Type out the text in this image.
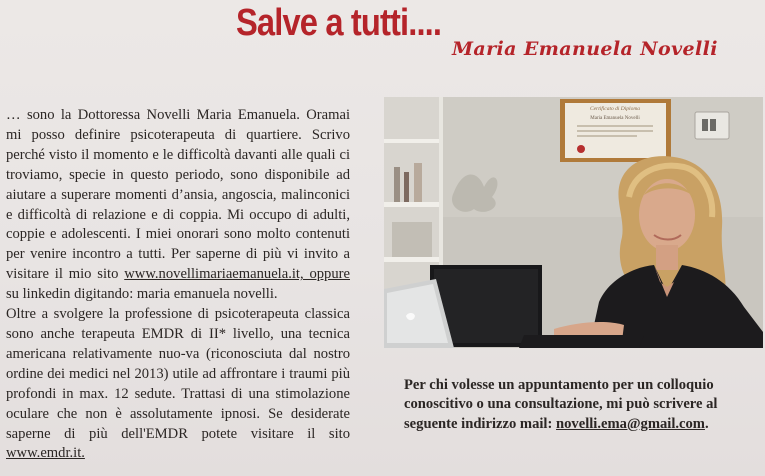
Salve a tutti....
Maria Emanuela Novelli

… sono la Dottoressa Novelli Maria Emanuela. Oramai mi posso definire psicoterapeuta di quartiere. Scrivo perché visto il momento e le difficoltà davanti alle quali ci troviamo, specie in questo periodo, sono disponibile ad aiutare a superare momenti d’ansia, angoscia, malinconici e difficoltà di relazione e di coppia. Mi occupo di adulti, coppie e adolescenti. I miei onorari sono molto contenuti per venire incontro a tutti. Per saperne di più vi invito a visitare il mio sito www.novellimariaemanuela.it, oppure su linkedin digitando: maria emanuela novelli.

Oltre a svolgere la professione di psicoterapeuta classica sono anche terapeuta EMDR di II* livello, una tecnica americana relativamente nuo-va (riconosciuta dal nostro ordine dei medici nel 2013) utile ad affrontare i traumi più profondi in max. 12 sedute. Trattasi di una stimolazione oculare che non è assolutamente ipnosi. Se desiderate saperne di più dell'EMDR potete visitare il sito www.emdr.it.

Certificato di Diploma
Maria Emanuela Novelli
Per chi volesse un appuntamento per un colloquio conoscitivo o una consultazione, mi può scrivere al seguente indirizzo mail: novelli.ema@gmail.com.
